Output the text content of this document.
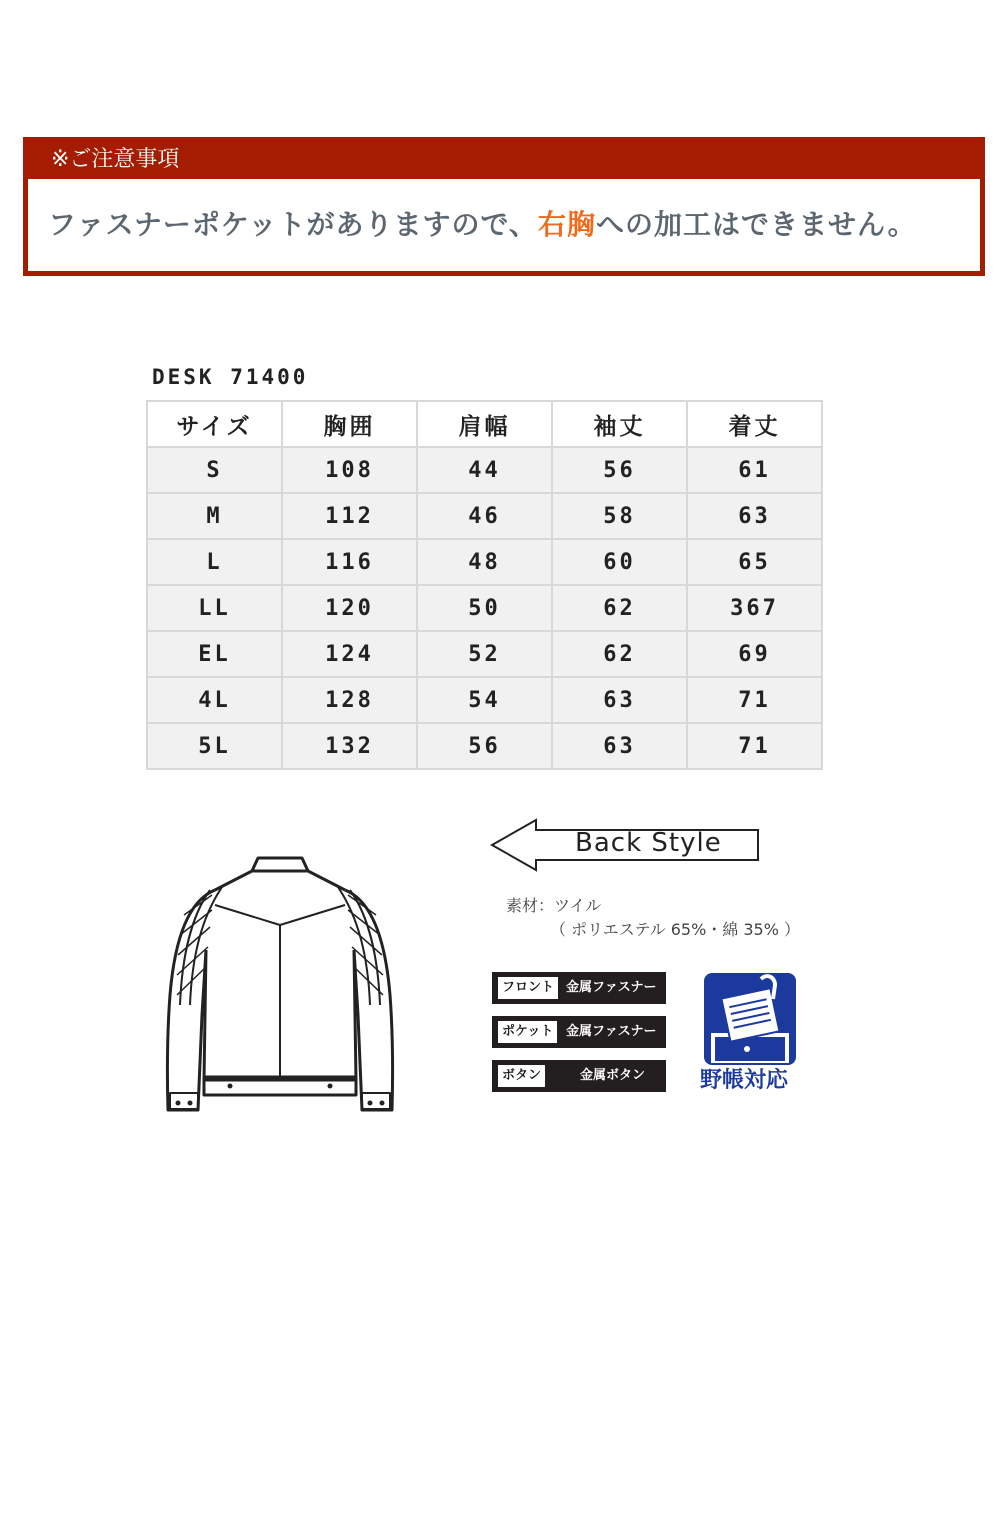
※ご注意事項
ファスナーポケットがありますので、右胸への加工はできません。
DESK 71400
サイズ	胸囲	肩幅	袖丈	着丈
S	108	44	56	61
M	112	46	58	63
L	116	48	60	65
LL	120	50	62	367
EL	124	52	62	69
4L	128	54	63	71
5L	132	56	63	71
Back Style
素材：ツイル
（ ポリエステル 65%・綿 35% ）
フロント 金属ファスナー
ポケット 金属ファスナー
ボタン	金属ボタン 野帳対応
